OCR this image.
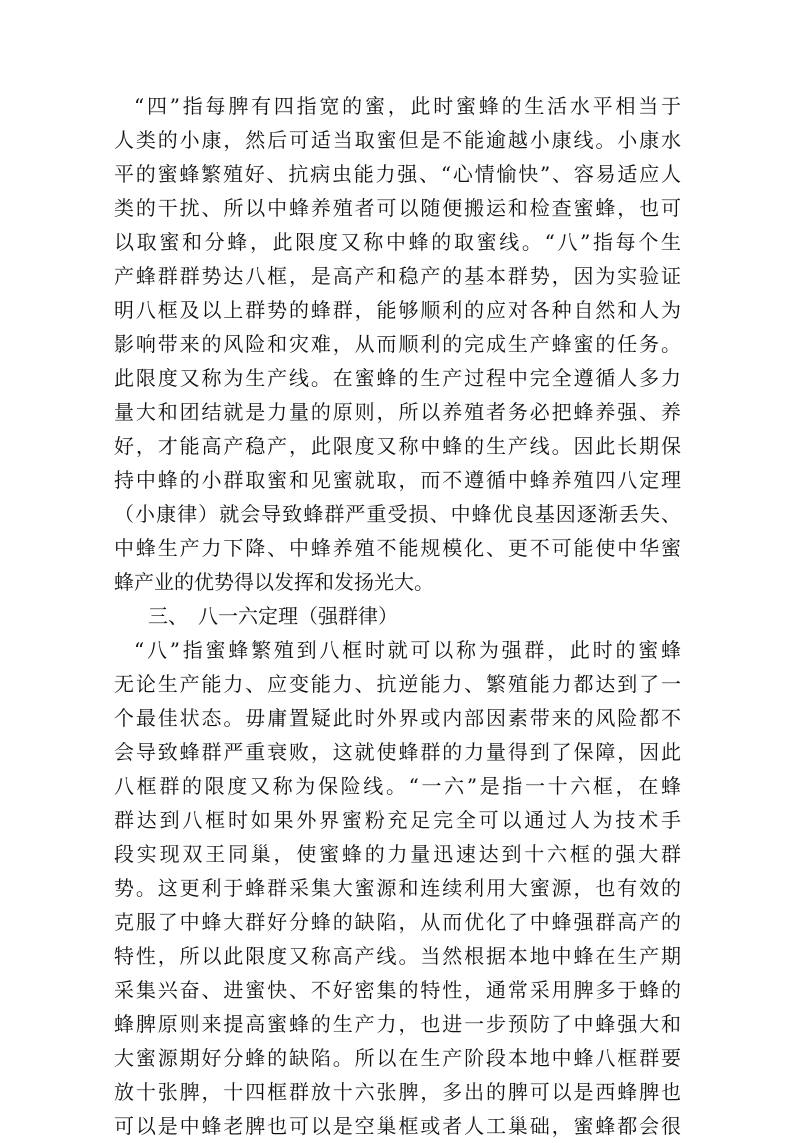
“四”指每脾有四指宽的蜜，此时蜜蜂的生活水平相当于
人类的小康，然后可适当取蜜但是不能逾越小康线。小康水
平的蜜蜂繁殖好、抗病虫能力强、“心情愉快”、容易适应人
类的干扰、所以中蜂养殖者可以随便搬运和检查蜜蜂，也可
以取蜜和分蜂，此限度又称中蜂的取蜜线。“八”指每个生
产蜂群群势达八框，是高产和稳产的基本群势，因为实验证
明八框及以上群势的蜂群，能够顺利的应对各种自然和人为
影响带来的风险和灾难，从而顺利的完成生产蜂蜜的任务。
此限度又称为生产线。在蜜蜂的生产过程中完全遵循人多力
量大和团结就是力量的原则，所以养殖者务必把蜂养强、养
好，才能高产稳产，此限度又称中蜂的生产线。因此长期保
持中蜂的小群取蜜和见蜜就取，而不遵循中蜂养殖四八定理
（小康律）就会导致蜂群严重受损、中蜂优良基因逐渐丢失、
中蜂生产力下降、中蜂养殖不能规模化、更不可能使中华蜜
蜂产业的优势得以发挥和发扬光大。
三、　八一六定理（强群律）
“八”指蜜蜂繁殖到八框时就可以称为强群，此时的蜜蜂
无论生产能力、应变能力、抗逆能力、繁殖能力都达到了一
个最佳状态。毋庸置疑此时外界或内部因素带来的风险都不
会导致蜂群严重衰败，这就使蜂群的力量得到了保障，因此
八框群的限度又称为保险线。“一六”是指一十六框，在蜂
群达到八框时如果外界蜜粉充足完全可以通过人为技术手
段实现双王同巢，使蜜蜂的力量迅速达到十六框的强大群
势。这更利于蜂群采集大蜜源和连续利用大蜜源，也有效的
克服了中蜂大群好分蜂的缺陷，从而优化了中蜂强群高产的
特性，所以此限度又称高产线。当然根据本地中蜂在生产期
采集兴奋、进蜜快、不好密集的特性，通常采用脾多于蜂的
蜂脾原则来提高蜜蜂的生产力，也进一步预防了中蜂强大和
大蜜源期好分蜂的缺陷。所以在生产阶段本地中蜂八框群要
放十张脾，十四框群放十六张脾，多出的脾可以是西蜂脾也
可以是中蜂老脾也可以是空巢框或者人工巢础，蜜蜂都会很
